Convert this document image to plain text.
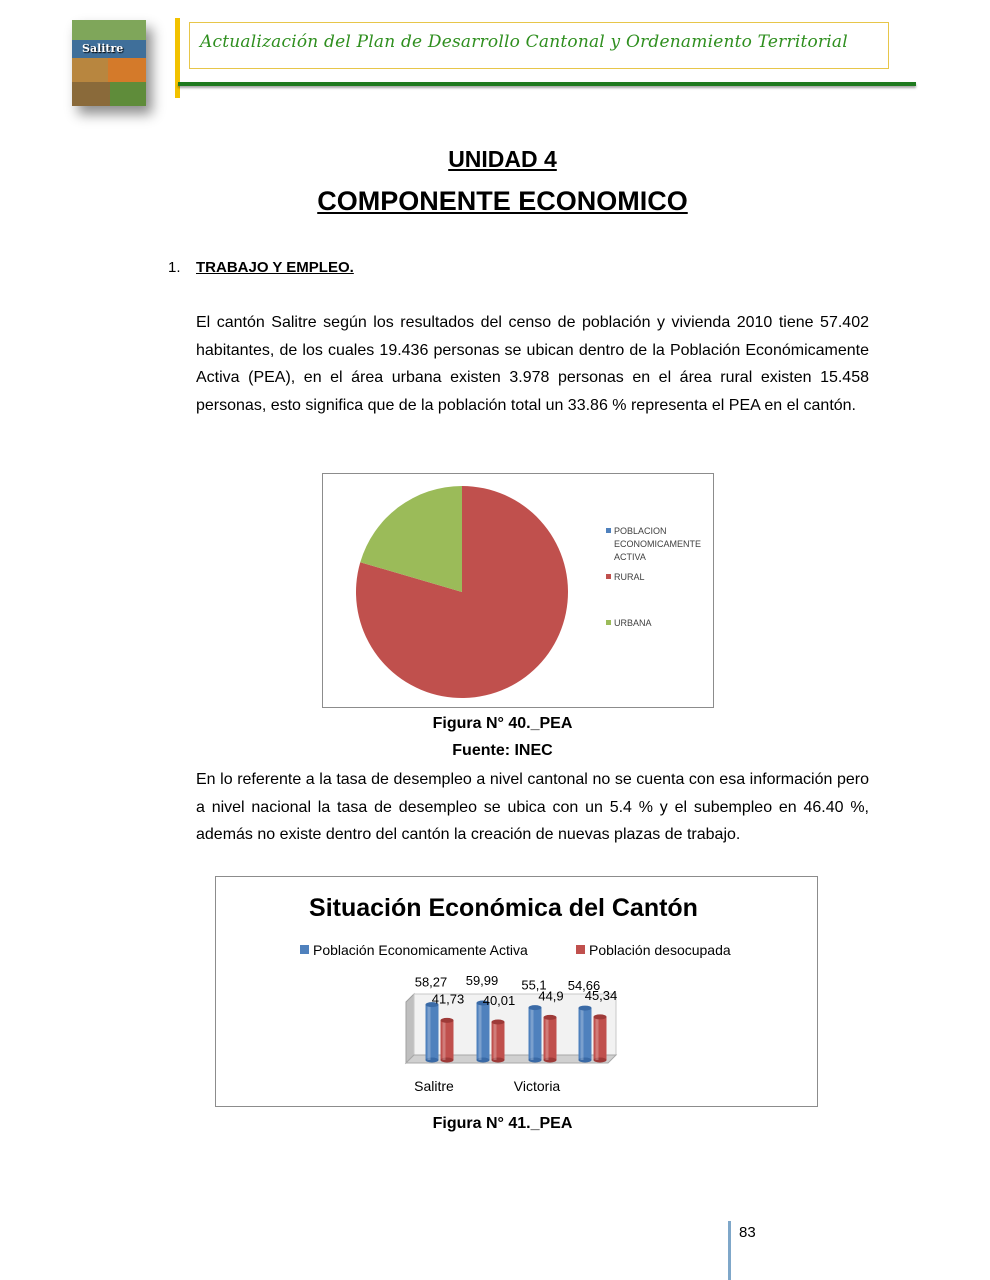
Salitre	Actualización del Plan de Desarrollo Cantonal y Ordenamiento Territorial
UNIDAD 4
COMPONENTE ECONOMICO
1. TRABAJO Y EMPLEO.
El cantón Salitre según los resultados del censo de población y vivienda 2010 tiene 57.402 habitantes, de los cuales 19.436 personas se ubican dentro de la Población Económicamente Activa (PEA), en el área urbana existen 3.978 personas en el área rural existen 15.458 personas, esto significa que de la población total un 33.86 % representa el PEA en el cantón.
POBLACION ECONOMICAMENTE ACTIVA
RURAL
URBANA
Figura N° 40._PEA
Fuente: INEC
En lo referente a la tasa de desempleo a nivel cantonal no se cuenta con esa información pero a nivel nacional la tasa de desempleo se ubica con un 5.4 % y el subempleo en 46.40 %, además no existe dentro del cantón la creación de nuevas plazas de trabajo.
Situación Económica del Cantón
Población Economicamente Activa	Población desocupada
58,27
41,73
Salitre
59,99
40,01
55,1
44,9
Victoria
54,66
45,34
Figura N° 41._PEA
83
